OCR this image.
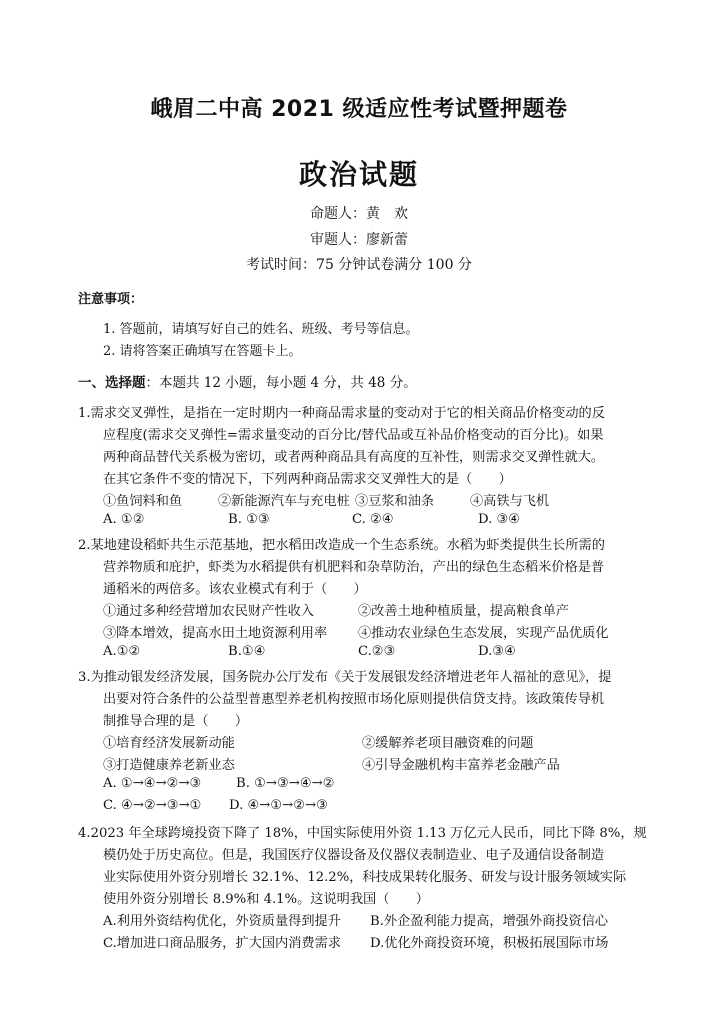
峨眉二中高 2021 级适应性考试暨押题卷
政治试题
命题人：黄　欢
审题人：廖新蕾
考试时间：75 分钟试卷满分 100 分
注意事项：
1. 答题前，请填写好自己的姓名、班级、考号等信息。
2. 请将答案正确填写在答题卡上。
一、选择题：本题共 12 小题，每小题 4 分，共 48 分。
1.需求交叉弹性，是指在一定时期内一种商品需求量的变动对于它的相关商品价格变动的反
应程度(需求交叉弹性=需求量变动的百分比/替代品或互补品价格变动的百分比)。如果
两种商品替代关系极为密切，或者两种商品具有高度的互补性，则需求交叉弹性就大。
在其它条件不变的情况下，下列两种商品需求交叉弹性大的是（　　）
①鱼饲料和鱼	②新能源汽车与充电桩 ③豆浆和油条	④高铁与飞机
A. ①②	B. ①③	C. ②④	D. ③④
2.某地建设稻虾共生示范基地，把水稻田改造成一个生态系统。水稻为虾类提供生长所需的
营养物质和庇护，虾类为水稻提供有机肥料和杂草防治，产出的绿色生态稻米价格是普
通稻米的两倍多。该农业模式有利于（　　）
①通过多种经营增加农民财产性收入	②改善土地种植质量，提高粮食单产
③降本增效，提高水田土地资源利用率 ④推动农业绿色生态发展，实现产品优质化
A.①②	B.①④	C.②③	D.③④
3.为推动银发经济发展，国务院办公厅发布《关于发展银发经济增进老年人福祉的意见》，提
出要对符合条件的公益型普惠型养老机构按照市场化原则提供信贷支持。该政策传导机
制推导合理的是（　　）
①培育经济发展新动能	②缓解养老项目融资难的问题
③打造健康养老新业态	④引导金融机构丰富养老金融产品
A. ①→④→②→③	B. ①→③→④→②
C. ④→②→③→① D. ④→①→②→③
4.2023 年全球跨境投资下降了 18%，中国实际使用外资 1.13 万亿元人民币，同比下降 8%，规
模仍处于历史高位。但是，我国医疗仪器设备及仪器仪表制造业、电子及通信设备制造
业实际使用外资分别增长 32.1%、12.2%，科技成果转化服务、研发与设计服务领域实际
使用外资分别增长 8.9%和 4.1%。这说明我国（　　）
A.利用外资结构优化，外资质量得到提升 B.外企盈利能力提高，增强外商投资信心
C.增加进口商品服务，扩大国内消费需求 D.优化外商投资环境，积极拓展国际市场
